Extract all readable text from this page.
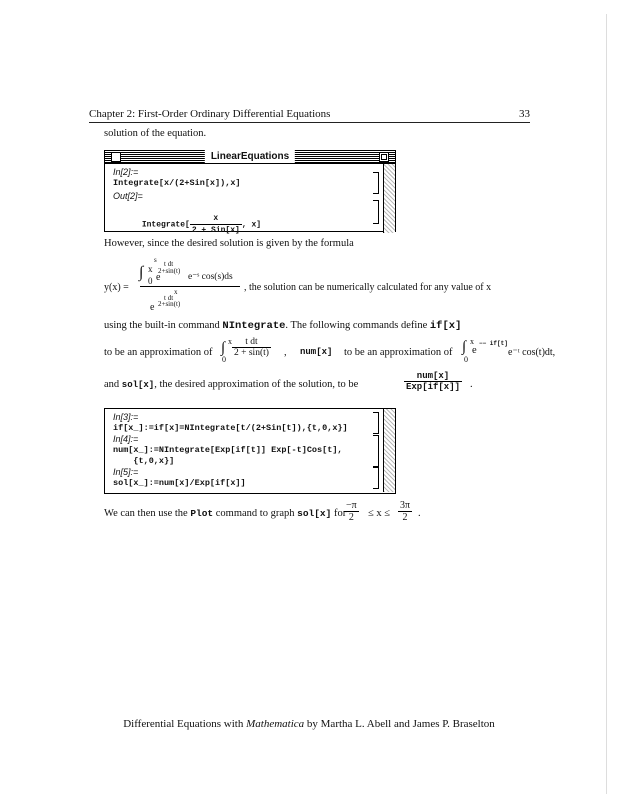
Chapter 2: First-Order Ordinary Differential Equations	33
solution of the equation.
LinearEquations
In[2]:=
Integrate[x/(2+Sin[x]),x]
Out[2]=

Integrate[ $\frac{x}{\text{2 + Sin[x]}}$ , x]

However, since the desired solution is given by the formula
y(x) =
s
∫ x
0 e
t dt
2+sin(t)
e⁻ˢ cos(s)ds
x
t dt
2+sin(t)
e
, the solution can be numerically calculated for any value of x
using the built-in command NIntegrate. The following commands define if[x]
to be an approximation of ∫ x
0
$\frac{\text{t dt}}{2 + \sin(t)}$ , num[x] to be an approximation of ∫ x
0
e
−− if[t]
e⁻ᵗ cos(t)dt,
and sol[x], the desired approximation of the solution, to be
num[x]
Exp[if[x]] .
In[3]:=
if[x_]:=if[x]=NIntegrate[t/(2+Sin[t]),{t,0,x}]
In[4]:=
num[x_]:=NIntegrate[Exp[if[t]] Exp[-t]Cos[t],
{t,0,x}]
In[5]:=
sol[x_]:=num[x]/Exp[if[x]]
We can then use the Plot command to graph sol[x] for
$\frac{-\pi}{2} \le x \le \frac{3\pi}{2}$ .
Differential Equations with Mathematica by Martha L. Abell and James P. Braselton
